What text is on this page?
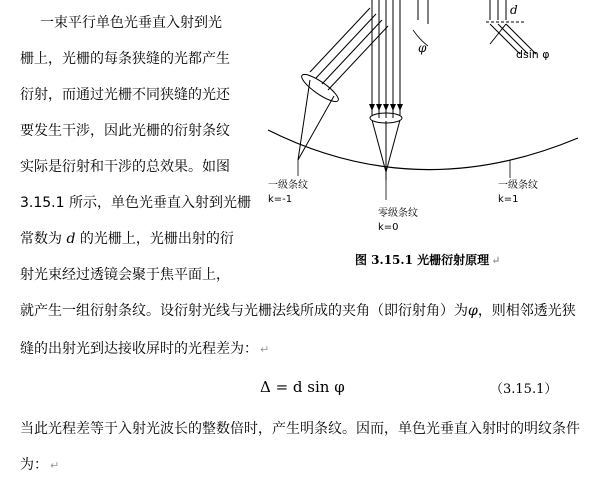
一束平行单色光垂直入射到光
栅上，光栅的每条狭缝的光都产生
衍射，而通过光栅不同狭缝的光还
要发生干涉，因此光栅的衍射条纹
实际是衍射和干涉的总效果。如图
3.15.1 所示，单色光垂直入射到光栅
常数为 d 的光栅上，光栅出射的衍
射光束经过透镜会聚于焦平面上，
就产生一组衍射条纹。设衍射光线与光栅法线所成的夹角（即衍射角）为φ，则相邻透光狭
缝的出射光到达接收屏时的光程差为： ↵
Δ = d sin φ	（3.15.1）
当此光程差等于入射光波长的整数倍时，产生明条纹。因而，单色光垂直入射时的明纹条件
为： ↵
φ
d
dsin φ
一级条纹
k=-1
零级条纹
k=0
一级条纹
k=1
图 3.15.1 光栅衍射原理 ↵
